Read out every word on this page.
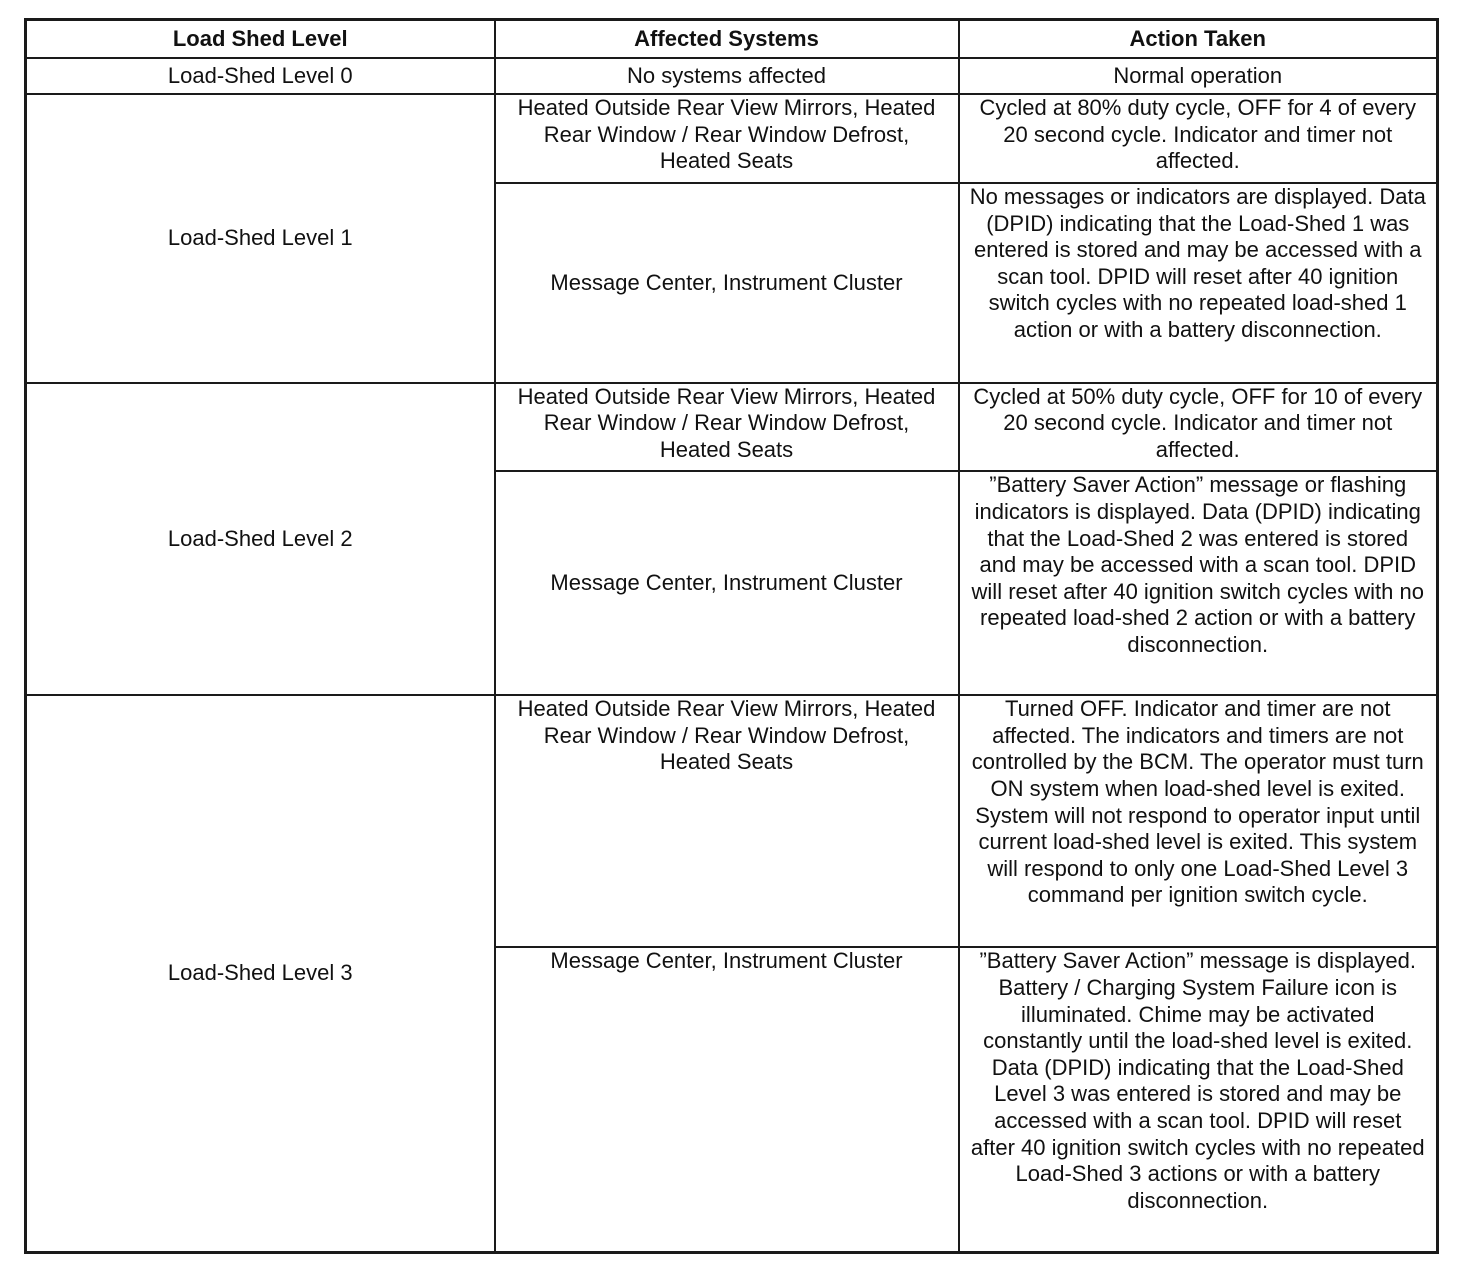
Load Shed Level	Affected Systems	Action Taken
Load-Shed Level 0	No systems affected	Normal operation
Load-Shed Level 1	Heated Outside Rear View Mirrors, Heated Rear Window / Rear Window Defrost, Heated Seats	Cycled at 80% duty cycle, OFF for 4 of every 20 second cycle. Indicator and timer not affected.
	Message Center, Instrument Cluster	No messages or indicators are displayed. Data (DPID) indicating that the Load-Shed 1 was entered is stored and may be accessed with a scan tool. DPID will reset after 40 ignition switch cycles with no repeated load-shed 1 action or with a battery disconnection.
Load-Shed Level 2	Heated Outside Rear View Mirrors, Heated Rear Window / Rear Window Defrost, Heated Seats	Cycled at 50% duty cycle, OFF for 10 of every 20 second cycle. Indicator and timer not affected.
	Message Center, Instrument Cluster	”Battery Saver Action” message or flashing indicators is displayed. Data (DPID) indicating that the Load-Shed 2 was entered is stored and may be accessed with a scan tool. DPID will reset after 40 ignition switch cycles with no repeated load-shed 2 action or with a battery disconnection.
Load-Shed Level 3	Heated Outside Rear View Mirrors, Heated Rear Window / Rear Window Defrost, Heated Seats	Turned OFF. Indicator and timer are not affected. The indicators and timers are not controlled by the BCM. The operator must turn ON system when load-shed level is exited. System will not respond to operator input until current load-shed level is exited. This system will respond to only one Load-Shed Level 3 command per ignition switch cycle.
	Message Center, Instrument Cluster	”Battery Saver Action” message is displayed. Battery / Charging System Failure icon is illuminated. Chime may be activated constantly until the load-shed level is exited. Data (DPID) indicating that the Load-Shed Level 3 was entered is stored and may be accessed with a scan tool. DPID will reset after 40 ignition switch cycles with no repeated Load-Shed 3 actions or with a battery disconnection.
